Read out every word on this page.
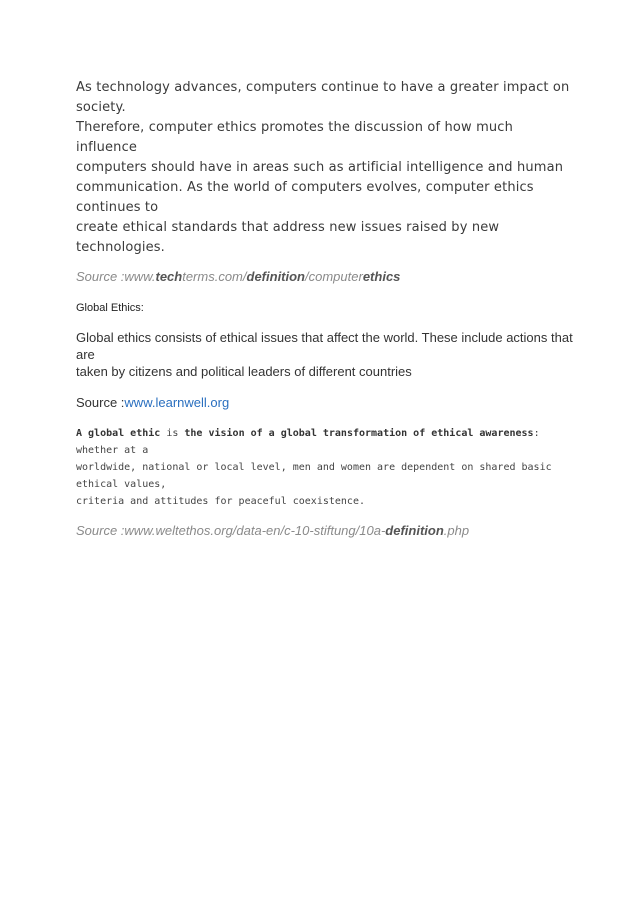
As technology advances, computers continue to have a greater impact on society.
Therefore, computer ethics promotes the discussion of how much influence
computers should have in areas such as artificial intelligence and human
communication. As the world of computers evolves, computer ethics continues to
create ethical standards that address new issues raised by new technologies.

Source :www.techterms.com/definition/computerethics

Global Ethics:

Global ethics consists of ethical issues that affect the world. These include actions that are
taken by citizens and political leaders of different countries

Source :www.learnwell.org

A global ethic is the vision of a global transformation of ethical awareness: whether at a
worldwide, national or local level, men and women are dependent on shared basic ethical values,
criteria and attitudes for peaceful coexistence.

Source :www.weltethos.org/data-en/c-10-stiftung/10a-definition.php
